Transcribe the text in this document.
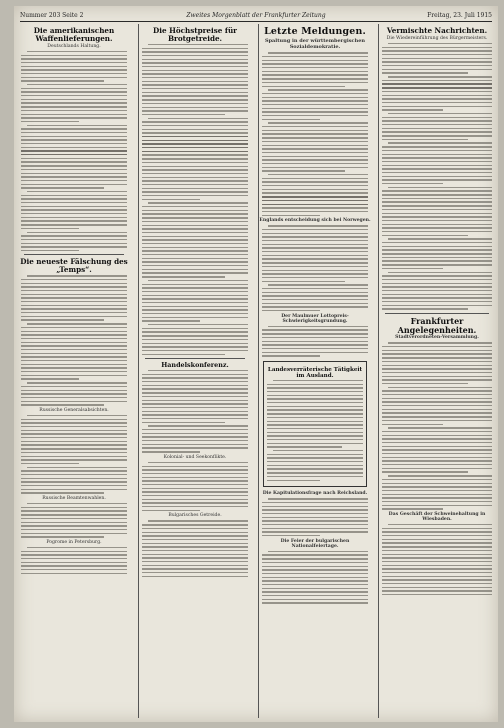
Nummer 203 Seite 2	Zweites Morgenblatt der Frankfurter Zeitung	Freitag, 23. Juli 1915
Die amerikanischen Waffenlieferungen.
Deutschlands Haltung.
Die neueste Fälschung des „Temps“.
Russische Generalsabsichten.
Russische Beamtenwahlen.
Pogrome in Petersburg.
Die Höchstpreise für Brotgetreide.
Handelskonferenz.
Kolonial- und Seekonflikte.
Bulgarisches Getreide.
Letzte Meldungen.
Spaltung in der württembergischen Sozialdemokratie.
Englands entscheidung sich bei Norwegen.
Der Maulmuer Lottopreis-Schwierigkeitsgrundung.
Landesverräterische Tätigkeit im Ausland.
Die Kapitulationsfrage nach Reichsland.
Die Feier der bulgarischen Nationalfeiertage.
Vermischte Nachrichten.
Die Wiedereinführung des Bürgermeisters.
Frankfurter Angelegenheiten.
Stadtverordneten-Versammlung.
Das Geschäft der Schweinehaltung in Wiesbaden.
